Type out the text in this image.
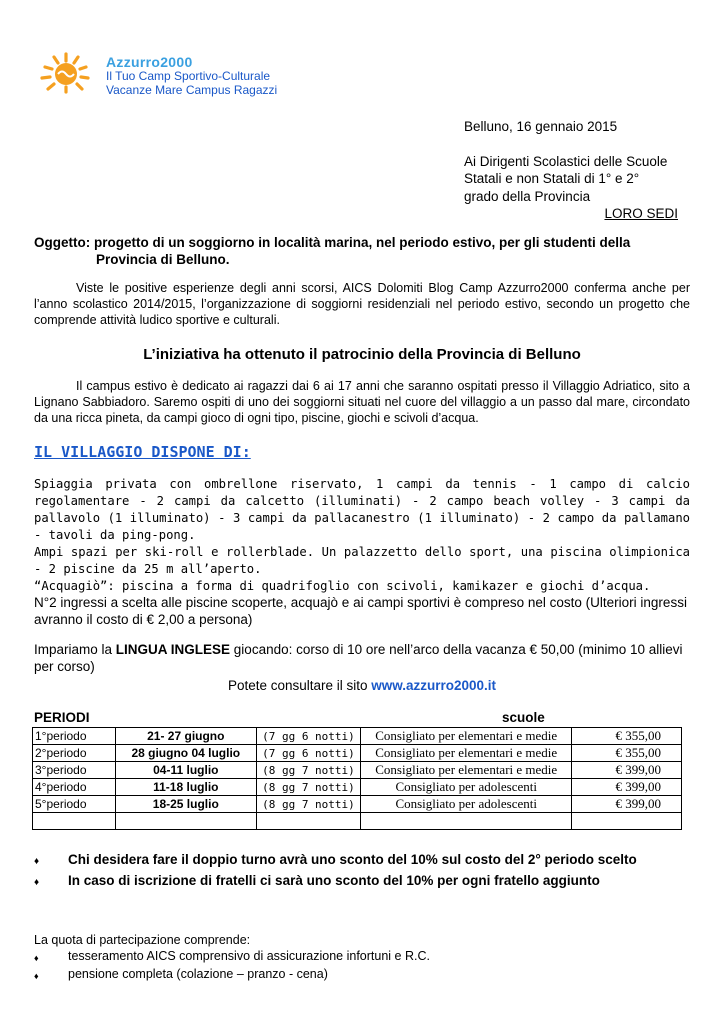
Azzurro2000
Il Tuo Camp Sportivo-Culturale
Vacanze Mare Campus Ragazzi
Belluno, 16 gennaio 2015
Ai Dirigenti Scolastici delle Scuole
Statali e non Statali di 1° e 2°
grado della Provincia
LORO SEDI
Oggetto: progetto di un soggiorno in località marina, nel periodo estivo, per gli studenti della
Provincia di Belluno.
Viste le positive esperienze degli anni scorsi, AICS Dolomiti Blog Camp Azzurro2000 conferma anche per l’anno scolastico 2014/2015, l’organizzazione di soggiorni residenziali nel periodo estivo, secondo un progetto che comprende attività ludico sportive e culturali.
L’iniziativa ha ottenuto il patrocinio della Provincia di Belluno
Il campus estivo è dedicato ai ragazzi dai 6 ai 17 anni che saranno ospitati presso il Villaggio Adriatico, sito a Lignano Sabbiadoro. Saremo ospiti di uno dei soggiorni situati nel cuore del villaggio a un passo dal mare, circondato da una ricca pineta, da campi gioco di ogni tipo, piscine, giochi e scivoli d’acqua.
IL VILLAGGIO DISPONE DI:
Spiaggia privata con ombrellone riservato, 1 campi da tennis - 1 campo di calcio regolamentare - 2 campi da calcetto (illuminati) - 2 campo beach volley - 3 campi da pallavolo (1 illuminato) - 3 campi da pallacanestro (1 illuminato) - 2 campo da pallamano - tavoli da ping-pong.
Ampi spazi per ski-roll e rollerblade. Un palazzetto dello sport, una piscina olimpionica - 2 piscine da 25 m all’aperto.
“Acquagiò”: piscina a forma di quadrifoglio con scivoli, kamikazer e giochi d’acqua.
N°2 ingressi a scelta alle piscine scoperte, acquajò e ai campi sportivi è compreso nel costo (Ulteriori ingressi avranno il costo di € 2,00 a persona)
Impariamo la LINGUA INGLESE giocando: corso di 10 ore nell’arco della vacanza € 50,00 (minimo 10 allievi per corso)
Potete consultare il sito www.azzurro2000.it
PERIODI	scuole
1°periodo	21- 27 giugno	(7 gg 6 notti)	Consigliato per elementari e medie	€ 355,00
2°periodo	28 giugno 04 luglio	(7 gg 6 notti)	Consigliato per elementari e medie	€ 355,00
3°periodo	04-11 luglio	(8 gg 7 notti)	Consigliato per elementari e medie	€ 399,00
4°periodo	11-18 luglio	(8 gg 7 notti)	Consigliato per adolescenti	€ 399,00
5°periodo	18-25 luglio	(8 gg 7 notti)	Consigliato per adolescenti	€ 399,00

♦	Chi desidera fare il doppio turno avrà uno sconto del 10% sul costo del 2° periodo scelto
♦	In caso di iscrizione di fratelli ci sarà uno sconto del 10% per ogni fratello aggiunto
La quota di partecipazione comprende:
♦	tesseramento AICS comprensivo di assicurazione infortuni e R.C.
♦	pensione completa (colazione – pranzo - cena)
